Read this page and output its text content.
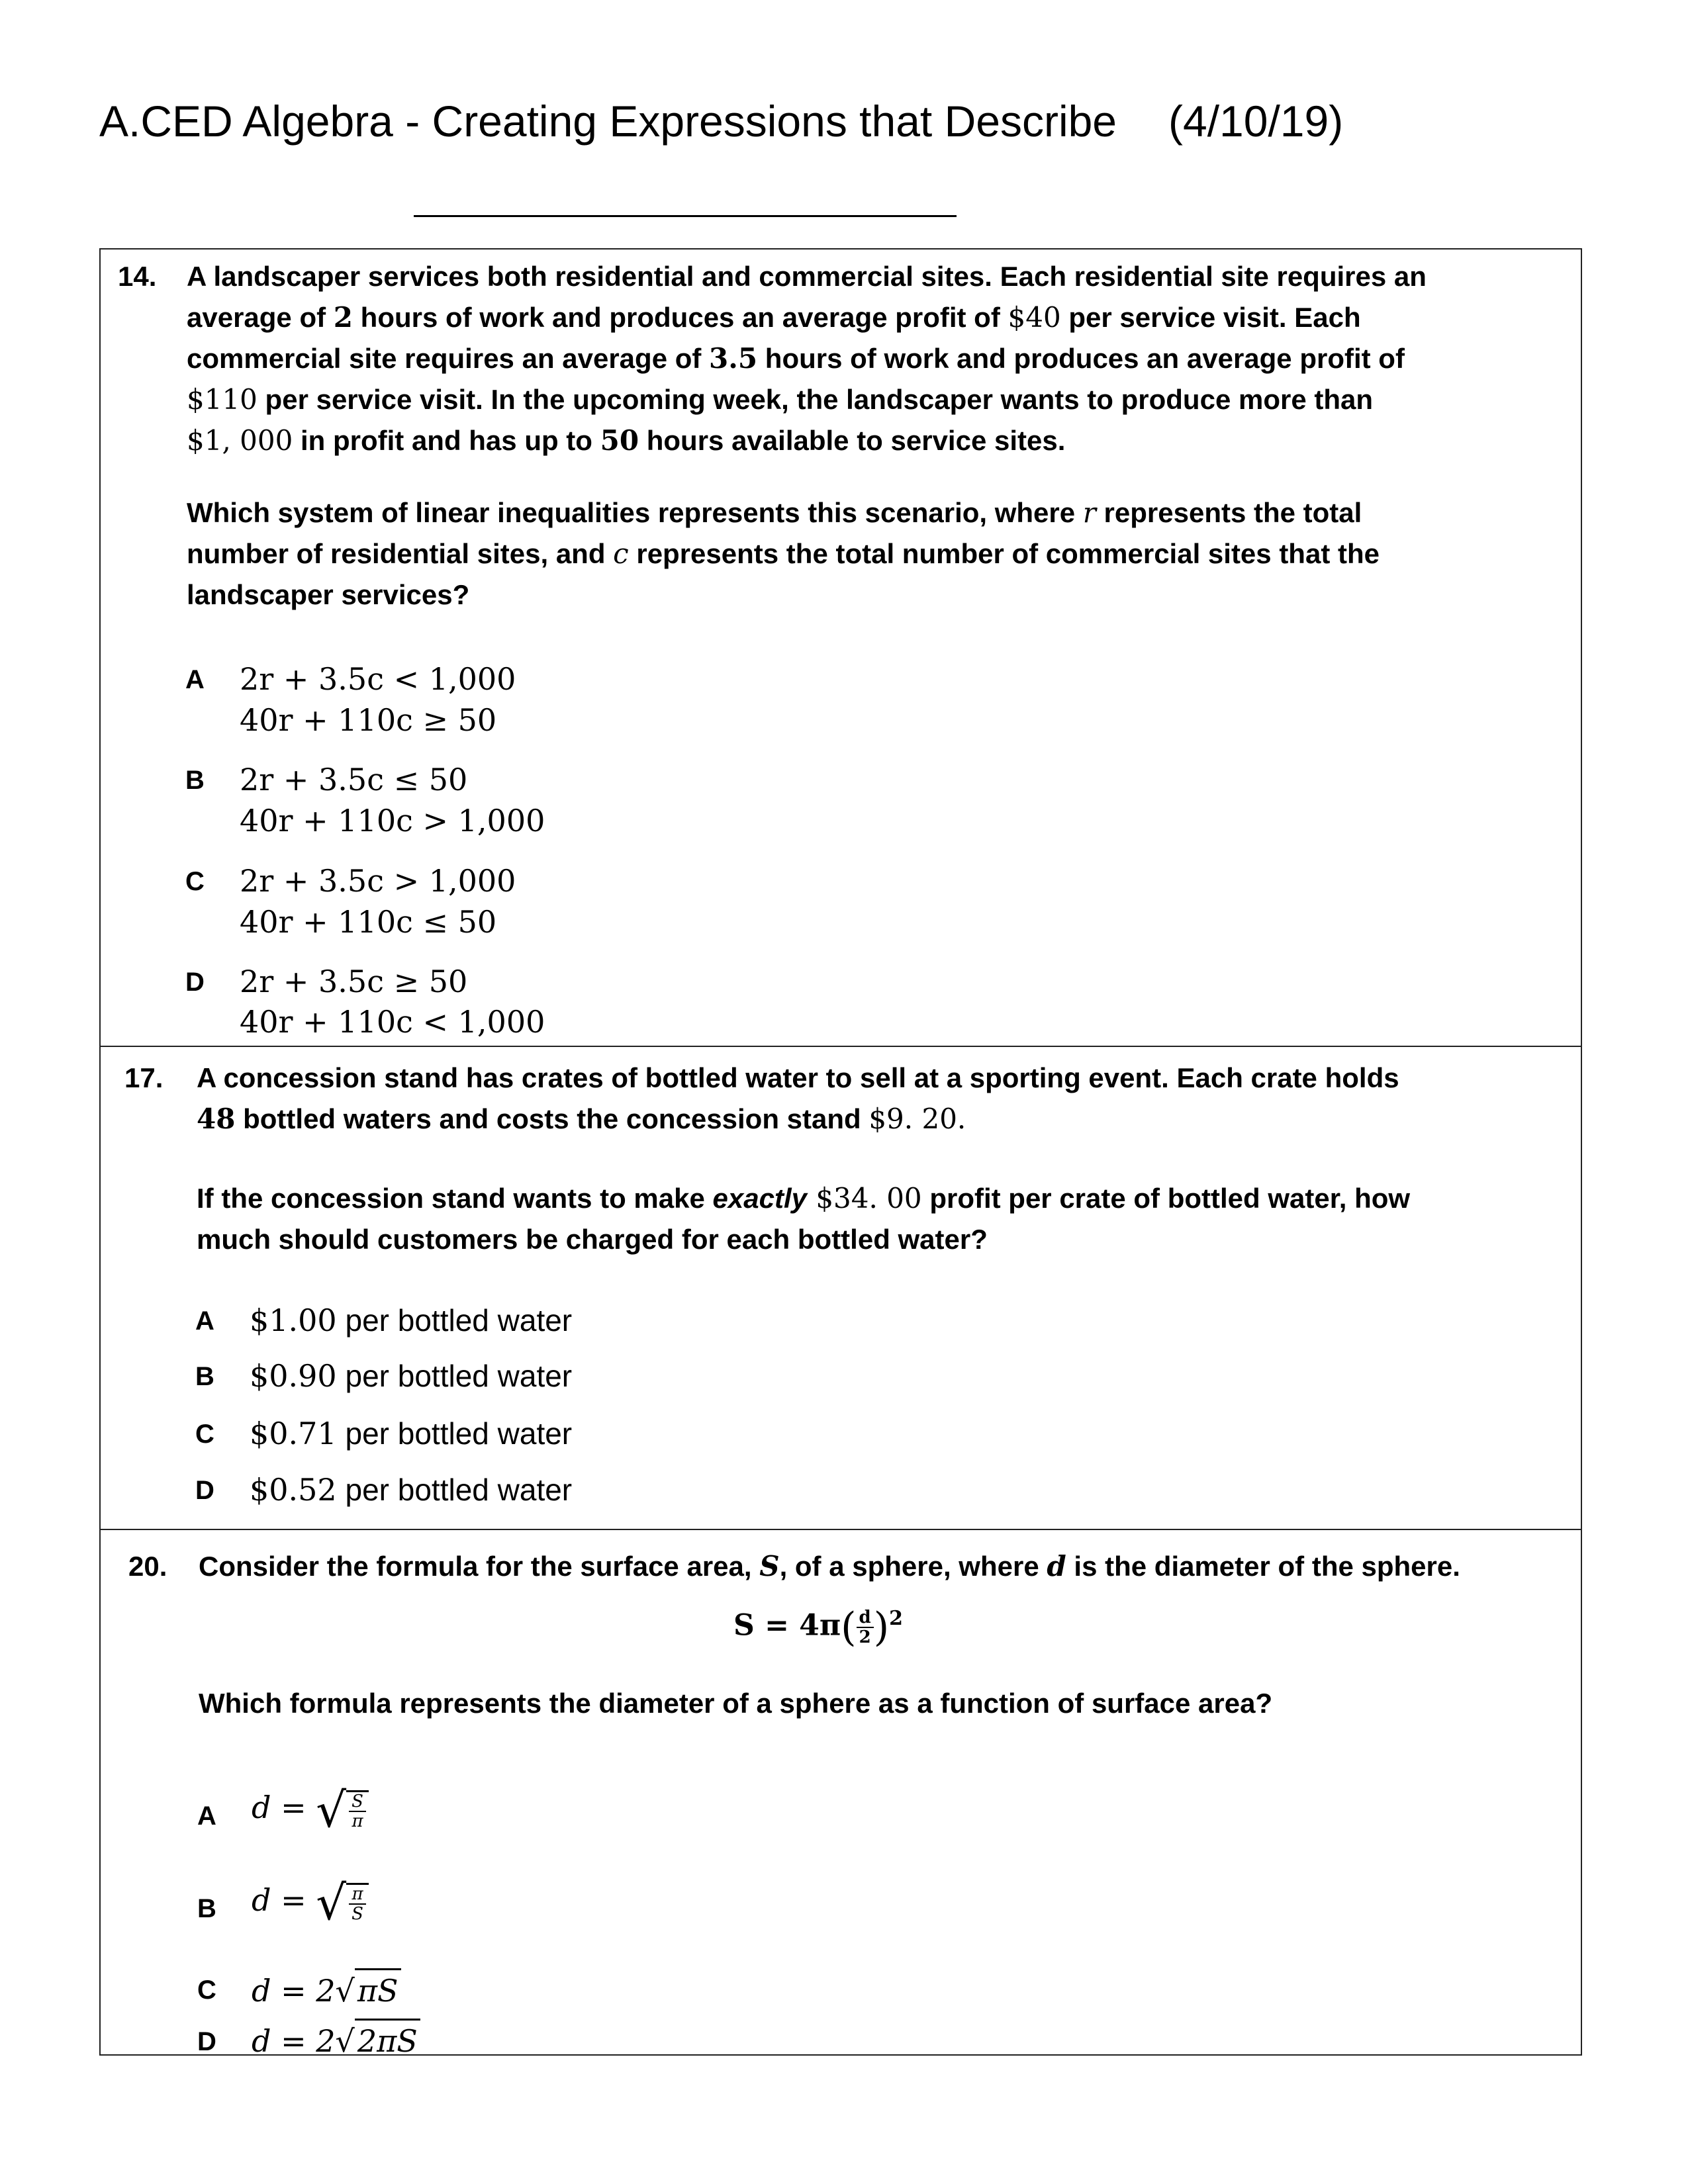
A.CED Algebra - Creating Expressions that Describe (4/10/19)
14. A landscaper services both residential and commercial sites. Each residential site requires an
average of 2 hours of work and produces an average profit of $40 per service visit. Each
commercial site requires an average of 3.5 hours of work and produces an average profit of
$110 per service visit. In the upcoming week, the landscaper wants to produce more than
$1, 000 in profit and has up to 50 hours available to service sites.
Which system of linear inequalities represents this scenario, where r represents the total
number of residential sites, and c represents the total number of commercial sites that the
landscaper services?
A 2r + 3.5c < 1,000
40r + 110c ≥ 50
B 2r + 3.5c ≤ 50
40r + 110c > 1,000
C 2r + 3.5c > 1,000
40r + 110c ≤ 50
D 2r + 3.5c ≥ 50
40r + 110c < 1,000
17. A concession stand has crates of bottled water to sell at a sporting event. Each crate holds
48 bottled waters and costs the concession stand $9. 20.
If the concession stand wants to make exactly $34. 00 profit per crate of bottled water, how
much should customers be charged for each bottled water?
A $1.00 per bottled water
B $0.90 per bottled water
C $0.71 per bottled water
D $0.52 per bottled water
20. Consider the formula for the surface area, S, of a sphere, where d is the diameter of the sphere.
$S = 4\pi( \frac{d}{2} )^2$
Which formula represents the diameter of a sphere as a function of surface area?
A d = √ $\frac{S}{\pi}$
B d = √ $\frac{\pi}{S}$
C d = 2√πS
D d = 2√2πS
